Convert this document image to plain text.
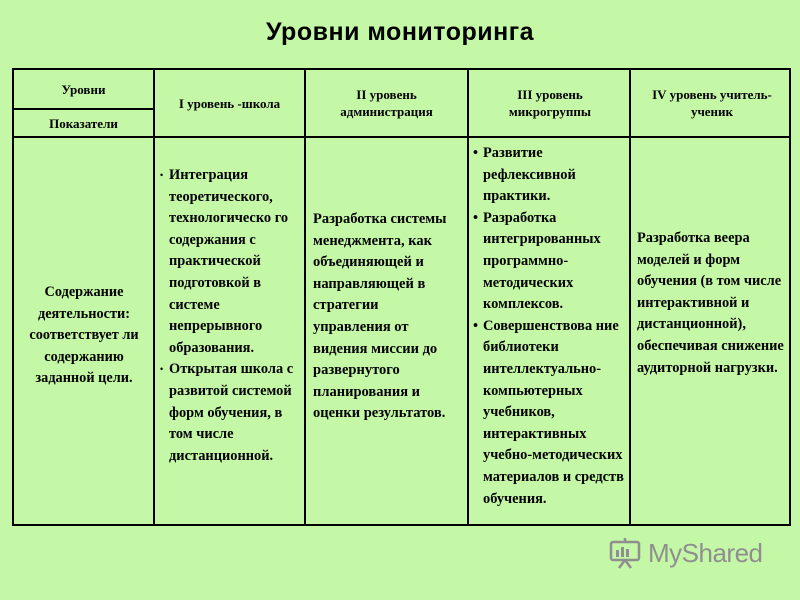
Уровни мониторинга
Уровни
Показатели
I уровень -школа
II уровень администрация
III уровень микрогруппы
IV уровень учитель-ученик
Содержание деятельности: соответствует ли содержанию заданной цели.
• Интеграция теоретического, технологическо го содержания с практической подготовкой в системе непрерывного образования.
• Открытая школа с развитой системой форм обучения, в том числе дистанционной.
Разработка системы менеджмента, как объединяющей и направляющей в стратегии управления от видения миссии до развернутого планирования и оценки результатов.
• Развитие рефлексивной практики.
• Разработка интегрированных программно-методических комплексов.
• Совершенствова ние библиотеки интеллектуально-компьютерных учебников, интерактивных учебно-методических материалов и средств обучения.
Разработка веера моделей и форм обучения (в том числе интерактивной и дистанционной), обеспечивая снижение аудиторной нагрузки.
MyShared
